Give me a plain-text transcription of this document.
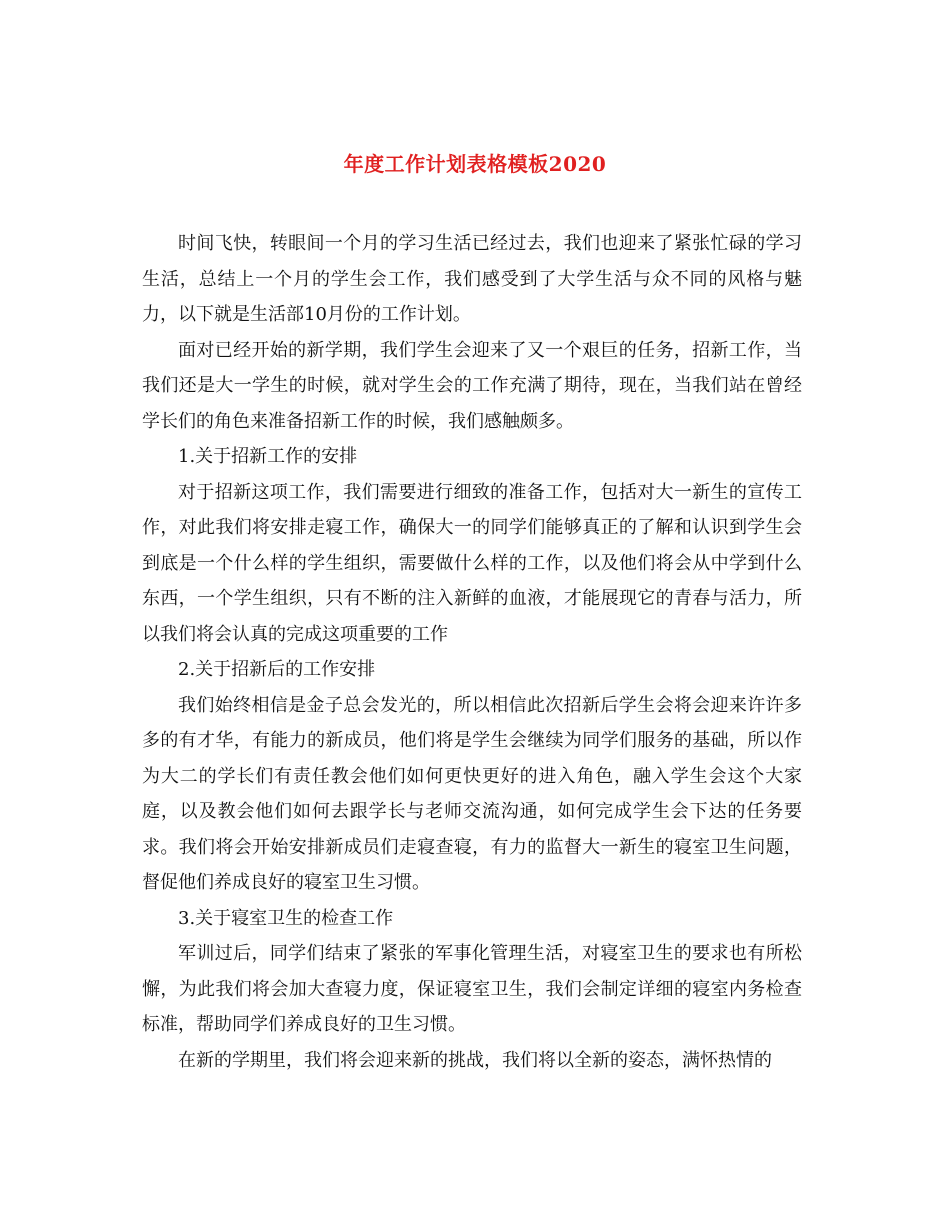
年度工作计划表格模板2020

时间飞快，转眼间一个月的学习生活已经过去，我们也迎来了紧张忙碌的学习生活，总结上一个月的学生会工作，我们感受到了大学生活与众不同的风格与魅力，以下就是生活部10月份的工作计划。

面对已经开始的新学期，我们学生会迎来了又一个艰巨的任务，招新工作，当我们还是大一学生的时候，就对学生会的工作充满了期待，现在，当我们站在曾经学长们的角色来准备招新工作的时候，我们感触颇多。

1.关于招新工作的安排

对于招新这项工作，我们需要进行细致的准备工作，包括对大一新生的宣传工作，对此我们将安排走寝工作，确保大一的同学们能够真正的了解和认识到学生会到底是一个什么样的学生组织，需要做什么样的工作，以及他们将会从中学到什么东西，一个学生组织，只有不断的注入新鲜的血液，才能展现它的青春与活力，所以我们将会认真的完成这项重要的工作

2.关于招新后的工作安排

我们始终相信是金子总会发光的，所以相信此次招新后学生会将会迎来许许多多的有才华，有能力的新成员，他们将是学生会继续为同学们服务的基础，所以作为大二的学长们有责任教会他们如何更快更好的进入角色，融入学生会这个大家庭，以及教会他们如何去跟学长与老师交流沟通，如何完成学生会下达的任务要求。我们将会开始安排新成员们走寝查寝，有力的监督大一新生的寝室卫生问题，督促他们养成良好的寝室卫生习惯。

3.关于寝室卫生的检查工作

军训过后，同学们结束了紧张的军事化管理生活，对寝室卫生的要求也有所松懈，为此我们将会加大查寝力度，保证寝室卫生，我们会制定详细的寝室内务检查标准，帮助同学们养成良好的卫生习惯。

在新的学期里，我们将会迎来新的挑战，我们将以全新的姿态，满怀热情的
